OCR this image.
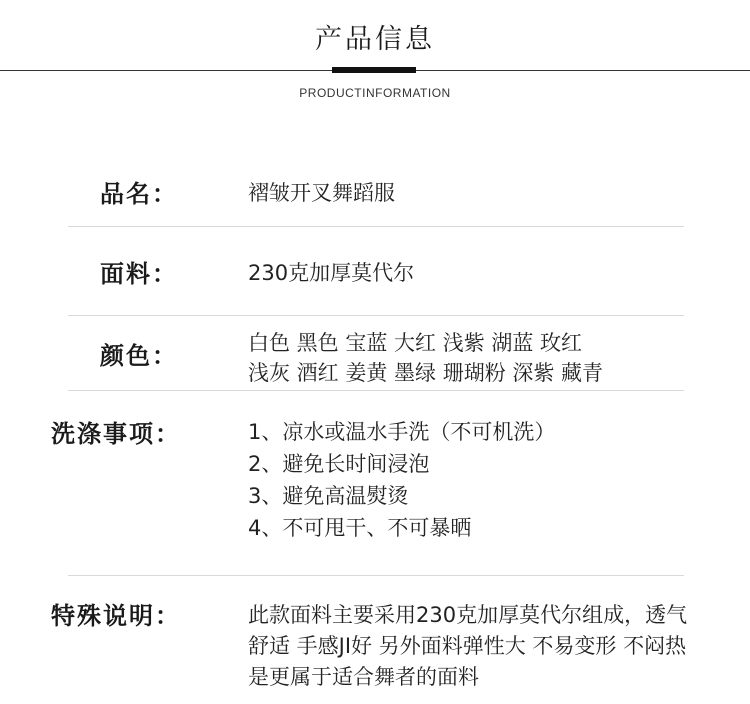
产品信息
PRODUCTINFORMATION
品名：	褶皱开叉舞蹈服
面料：	230克加厚莫代尔
颜色：	白色 黑色 宝蓝 大红 浅紫 湖蓝 玫红
浅灰 酒红 姜黄 墨绿 珊瑚粉 深紫 藏青
洗涤事项：	1、凉水或温水手洗（不可机洗）
2、避免长时间浸泡
3、避免高温熨烫
4、不可甩干、不可暴晒
特殊说明：	此款面料主要采用230克加厚莫代尔组成，透气
舒适 手感JI好 另外面料弹性大 不易变形 不闷热
是更属于适合舞者的面料
